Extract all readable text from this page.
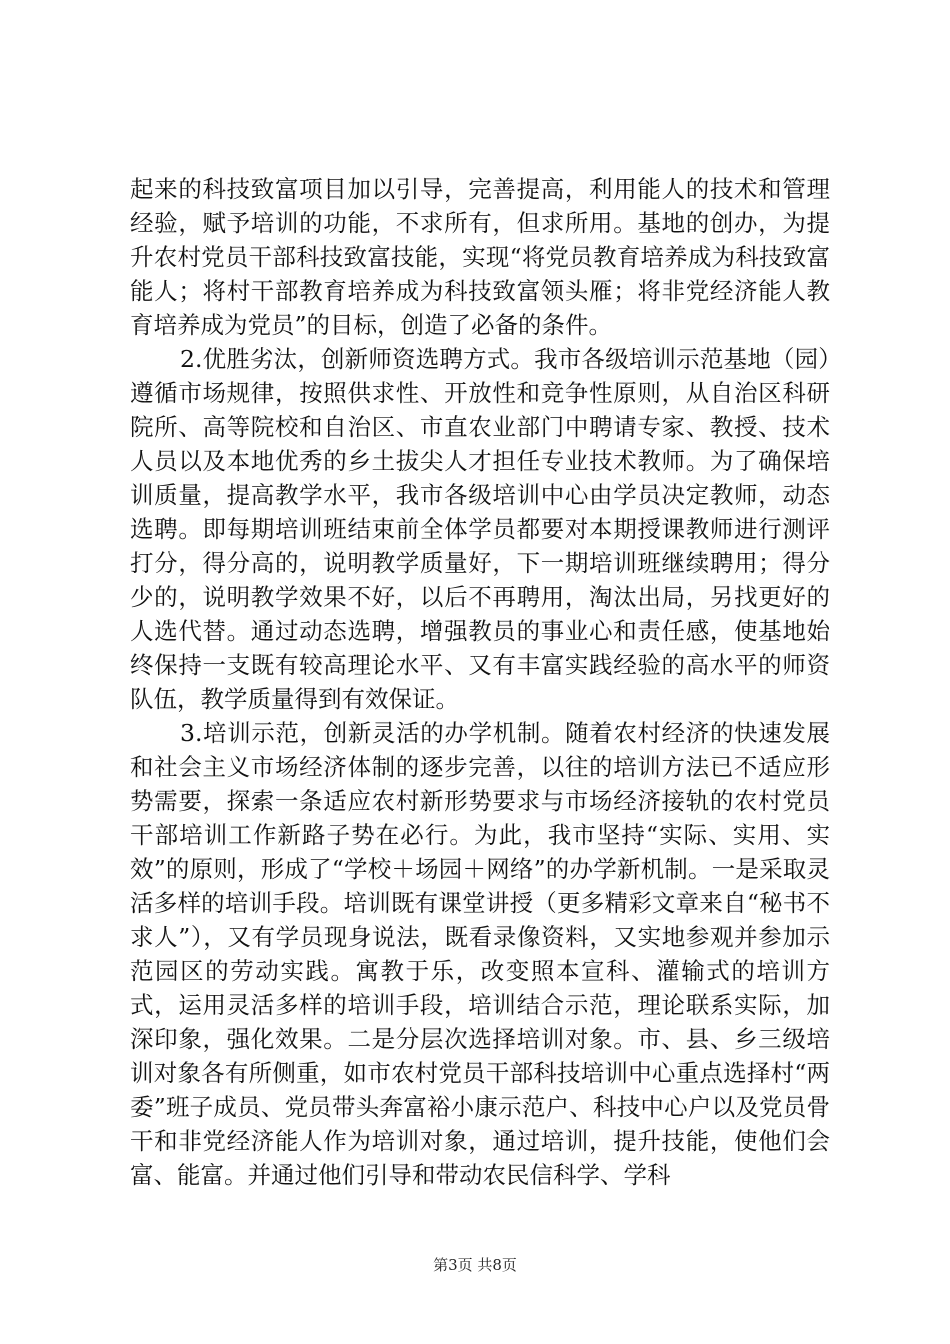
起来的科技致富项目加以引导，完善提高，利用能人的技术和管理经验，赋予培训的功能，不求所有，但求所用。基地的创办，为提升农村党员干部科技致富技能，实现“将党员教育培养成为科技致富能人；将村干部教育培养成为科技致富领头雁；将非党经济能人教育培养成为党员”的目标，创造了必备的条件。

2.优胜劣汰，创新师资选聘方式。我市各级培训示范基地（园）遵循市场规律，按照供求性、开放性和竞争性原则，从自治区科研院所、高等院校和自治区、市直农业部门中聘请专家、教授、技术人员以及本地优秀的乡土拔尖人才担任专业技术教师。为了确保培训质量，提高教学水平，我市各级培训中心由学员决定教师，动态选聘。即每期培训班结束前全体学员都要对本期授课教师进行测评打分，得分高的，说明教学质量好，下一期培训班继续聘用；得分少的，说明教学效果不好，以后不再聘用，淘汰出局，另找更好的人选代替。通过动态选聘，增强教员的事业心和责任感，使基地始终保持一支既有较高理论水平、又有丰富实践经验的高水平的师资队伍，教学质量得到有效保证。

3.培训示范，创新灵活的办学机制。随着农村经济的快速发展和社会主义市场经济体制的逐步完善，以往的培训方法已不适应形势需要，探索一条适应农村新形势要求与市场经济接轨的农村党员干部培训工作新路子势在必行。为此，我市坚持“实际、实用、实效”的原则，形成了“学校＋场园＋网络”的办学新机制。一是采取灵活多样的培训手段。培训既有课堂讲授（更多精彩文章来自“秘书不求人”），又有学员现身说法，既看录像资料，又实地参观并参加示范园区的劳动实践。寓教于乐，改变照本宣科、灌输式的培训方式，运用灵活多样的培训手段，培训结合示范，理论联系实际，加深印象，强化效果。二是分层次选择培训对象。市、县、乡三级培训对象各有所侧重，如市农村党员干部科技培训中心重点选择村“两委”班子成员、党员带头奔富裕小康示范户、科技中心户以及党员骨干和非党经济能人作为培训对象，通过培训，提升技能，使他们会富、能富。并通过他们引导和带动农民信科学、学科

第3页 共8页
